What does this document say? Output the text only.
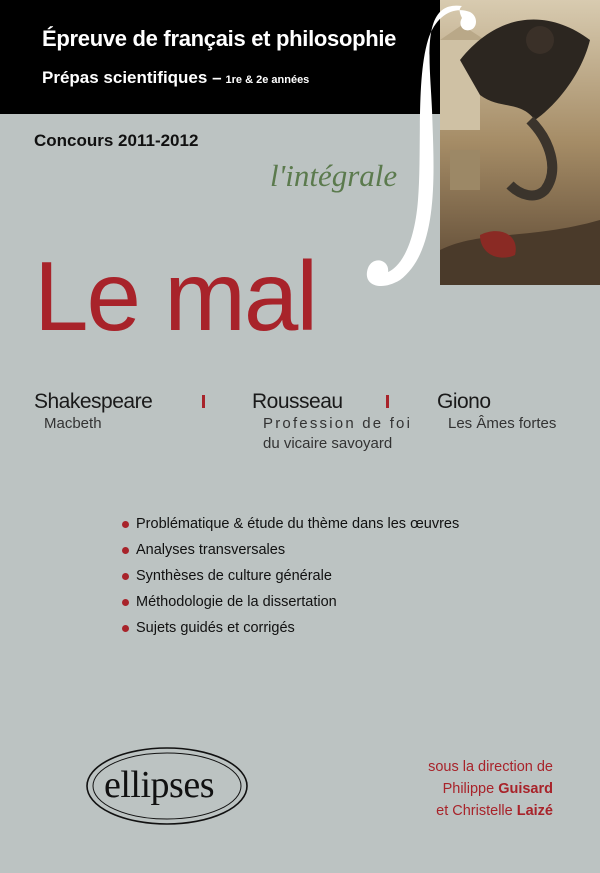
Épreuve de français et philosophie
Prépas scientifiques – 1re & 2e années
Concours 2011-2012
l'intégrale
Le mal
Shakespeare
Macbeth
Rousseau
Profession de foi
du vicaire savoyard
Giono
Les Âmes fortes
Problématique & étude du thème dans les œuvres
Analyses transversales
Synthèses de culture générale
Méthodologie de la dissertation
Sujets guidés et corrigés
ellipses	sous la direction de
Philippe Guisard
et Christelle Laizé
